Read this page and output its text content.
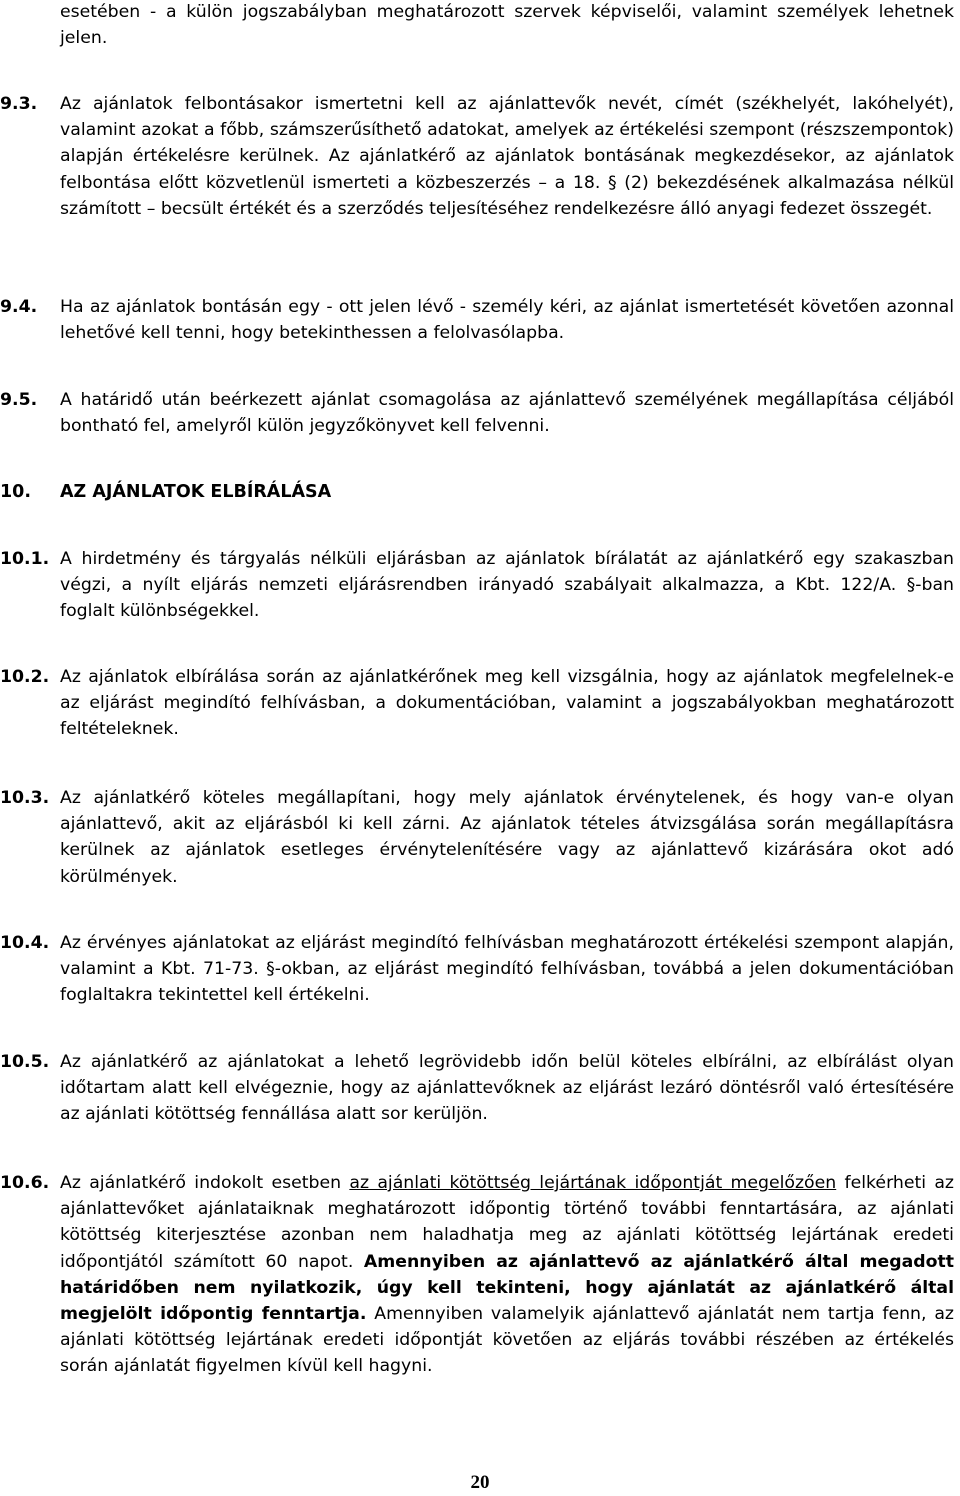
esetében - a külön jogszabályban meghatározott szervek képviselői, valamint személyek lehetnek jelen.
9.3. Az ajánlatok felbontásakor ismertetni kell az ajánlattevők nevét, címét (székhelyét, lakóhelyét), valamint azokat a főbb, számszerűsíthető adatokat, amelyek az értékelési szempont (részszempontok) alapján értékelésre kerülnek. Az ajánlatkérő az ajánlatok bontásának megkezdésekor, az ajánlatok felbontása előtt közvetlenül ismerteti a közbeszerzés – a 18. § (2) bekezdésének alkalmazása nélkül számított – becsült értékét és a szerződés teljesítéséhez rendelkezésre álló anyagi fedezet összegét.
9.4. Ha az ajánlatok bontásán egy - ott jelen lévő - személy kéri, az ajánlat ismertetését követően azonnal lehetővé kell tenni, hogy betekinthessen a felolvasólapba.
9.5. A határidő után beérkezett ajánlat csomagolása az ajánlattevő személyének megállapítása céljából bontható fel, amelyről külön jegyzőkönyvet kell felvenni.
10. AZ AJÁNLATOK ELBÍRÁLÁSA
10.1. A hirdetmény és tárgyalás nélküli eljárásban az ajánlatok bírálatát az ajánlatkérő egy szakaszban végzi, a nyílt eljárás nemzeti eljárásrendben irányadó szabályait alkalmazza, a Kbt. 122/A. §-ban foglalt különbségekkel.
10.2. Az ajánlatok elbírálása során az ajánlatkérőnek meg kell vizsgálnia, hogy az ajánlatok megfelelnek-e az eljárást megindító felhívásban, a dokumentációban, valamint a jogszabályokban meghatározott feltételeknek.
10.3. Az ajánlatkérő köteles megállapítani, hogy mely ajánlatok érvénytelenek, és hogy van-e olyan ajánlattevő, akit az eljárásból ki kell zárni. Az ajánlatok tételes átvizsgálása során megállapításra kerülnek az ajánlatok esetleges érvénytelenítésére vagy az ajánlattevő kizárására okot adó körülmények.
10.4. Az érvényes ajánlatokat az eljárást megindító felhívásban meghatározott értékelési szempont alapján, valamint a Kbt. 71-73. §-okban, az eljárást megindító felhívásban, továbbá a jelen dokumentációban foglaltakra tekintettel kell értékelni.
10.5. Az ajánlatkérő az ajánlatokat a lehető legrövidebb időn belül köteles elbírálni, az elbírálást olyan időtartam alatt kell elvégeznie, hogy az ajánlattevőknek az eljárást lezáró döntésről való értesítésére az ajánlati kötöttség fennállása alatt sor kerüljön.
10.6. Az ajánlatkérő indokolt esetben az ajánlati kötöttség lejártának időpontját megelőzően felkérheti az ajánlattevőket ajánlataiknak meghatározott időpontig történő további fenntartására, az ajánlati kötöttség kiterjesztése azonban nem haladhatja meg az ajánlati kötöttség lejártának eredeti időpontjától számított 60 napot. Amennyiben az ajánlattevő az ajánlatkérő által megadott határidőben nem nyilatkozik, úgy kell tekinteni, hogy ajánlatát az ajánlatkérő által megjelölt időpontig fenntartja. Amennyiben valamelyik ajánlattevő ajánlatát nem tartja fenn, az ajánlati kötöttség lejártának eredeti időpontját követően az eljárás további részében az értékelés során ajánlatát figyelmen kívül kell hagyni.
20
